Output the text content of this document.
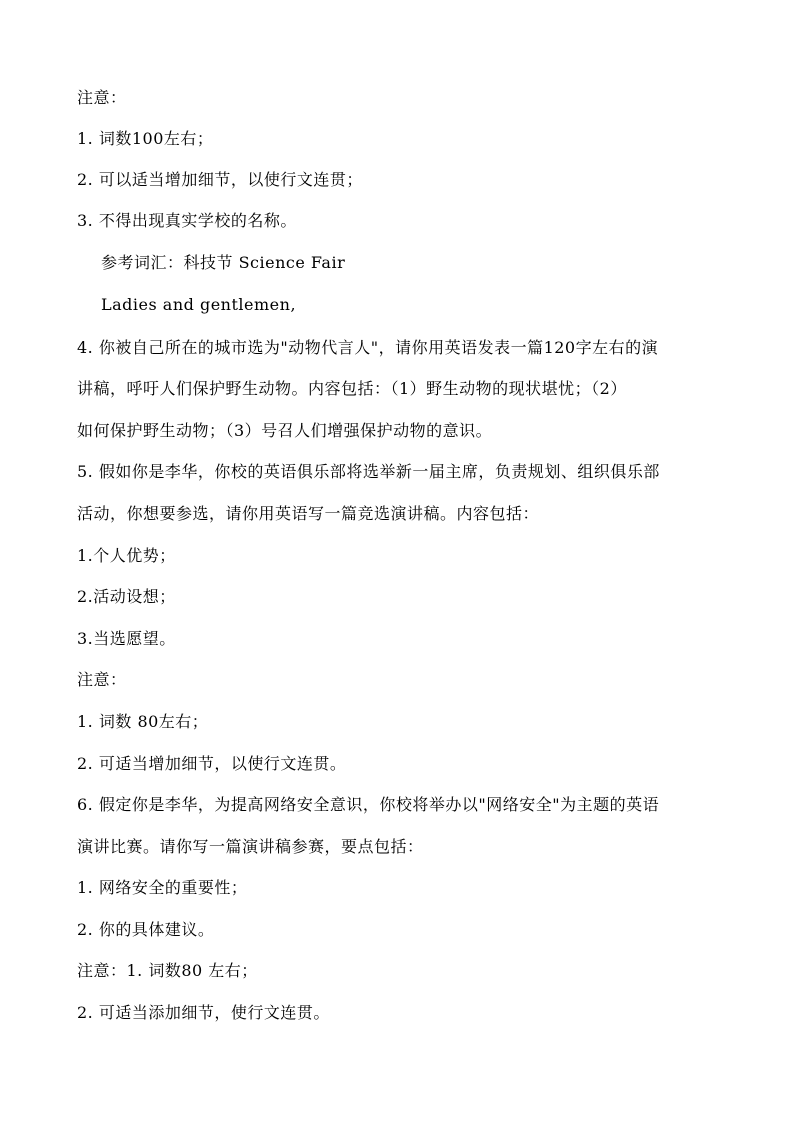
注意：
1. 词数100左右；
2. 可以适当增加细节，以使行文连贯；
3. 不得出现真实学校的名称。
参考词汇：科技节 Science Fair
Ladies and gentlemen,
4. 你被自己所在的城市选为"动物代言人"，请你用英语发表一篇120字左右的演
讲稿，呼吁人们保护野生动物。内容包括：（1）野生动物的现状堪忧；（2）
如何保护野生动物；（3）号召人们增强保护动物的意识。
5. 假如你是李华，你校的英语俱乐部将选举新一届主席，负责规划、组织俱乐部
活动，你想要参选，请你用英语写一篇竞选演讲稿。内容包括：
1.个人优势；
2.活动设想；
3.当选愿望。
注意：
1. 词数 80左右；
2. 可适当增加细节，以使行文连贯。
6. 假定你是李华，为提高网络安全意识，你校将举办以"网络安全"为主题的英语
演讲比赛。请你写一篇演讲稿参赛，要点包括：
1. 网络安全的重要性；
2. 你的具体建议。
注意：1. 词数80 左右；
2. 可适当添加细节，使行文连贯。
